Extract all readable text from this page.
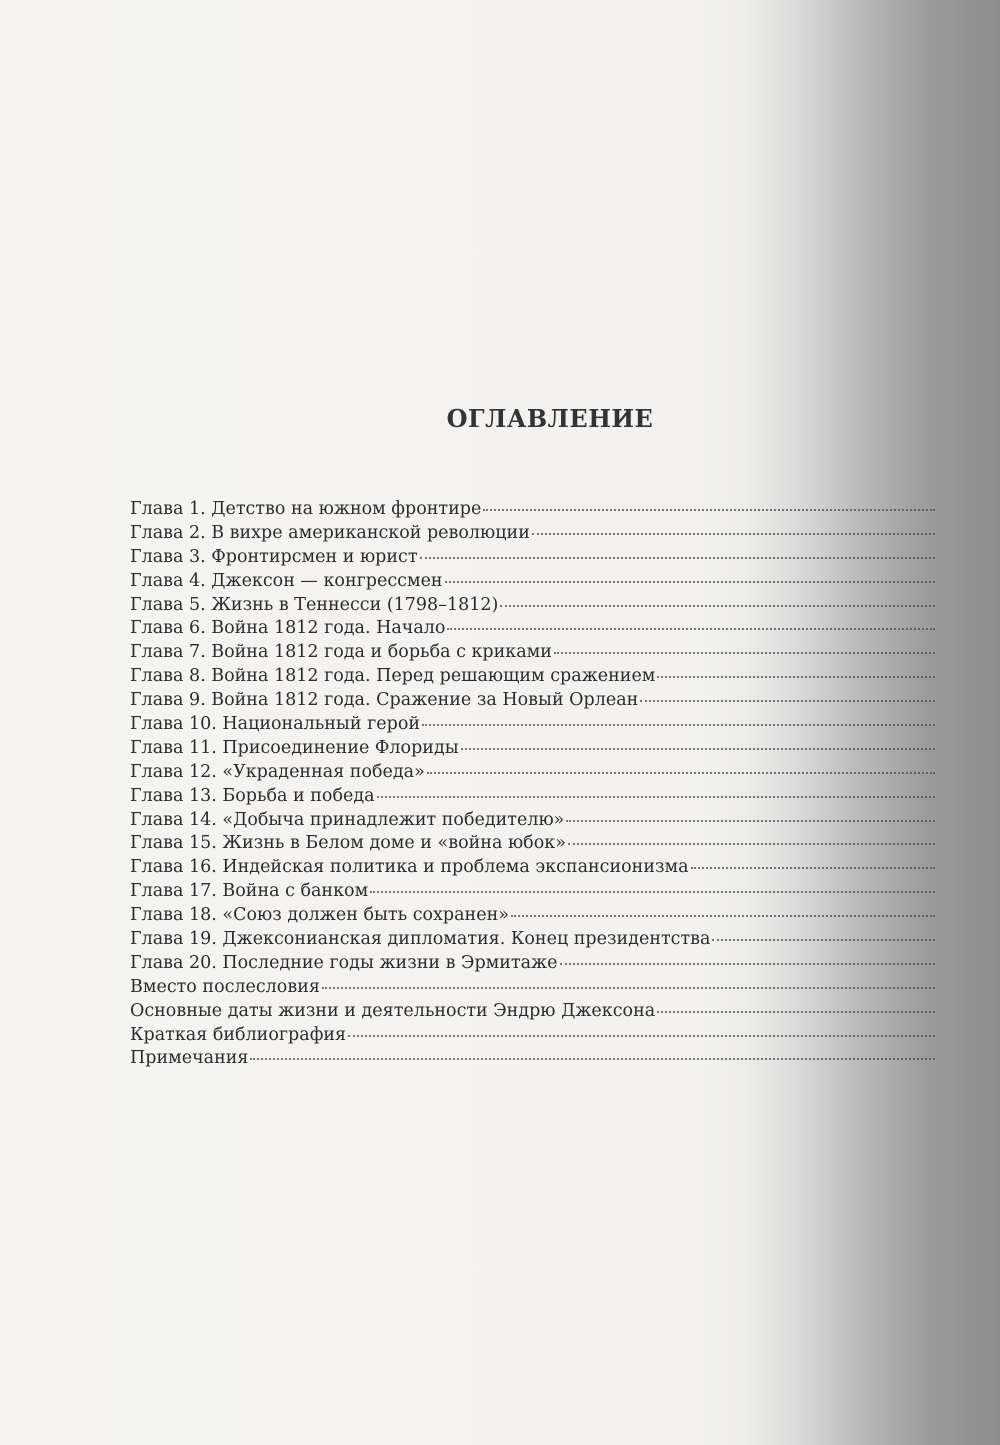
ОГЛАВЛЕНИЕ
Глава 1. Детство на южном фронтире
Глава 2. В вихре американской революции
Глава 3. Фронтирсмен и юрист
Глава 4. Джексон — конгрессмен
Глава 5. Жизнь в Теннесси (1798–1812)
Глава 6. Война 1812 года. Начало
Глава 7. Война 1812 года и борьба с криками
Глава 8. Война 1812 года. Перед решающим сражением
Глава 9. Война 1812 года. Сражение за Новый Орлеан
Глава 10. Национальный герой
Глава 11. Присоединение Флориды
Глава 12. «Украденная победа»
Глава 13. Борьба и победа
Глава 14. «Добыча принадлежит победителю»
Глава 15. Жизнь в Белом доме и «война юбок»
Глава 16. Индейская политика и проблема экспансионизма
Глава 17. Война с банком
Глава 18. «Союз должен быть сохранен»
Глава 19. Джексонианская дипломатия. Конец президентства
Глава 20. Последние годы жизни в Эрмитаже
Вместо послесловия
Основные даты жизни и деятельности Эндрю Джексона
Краткая библиография
Примечания
